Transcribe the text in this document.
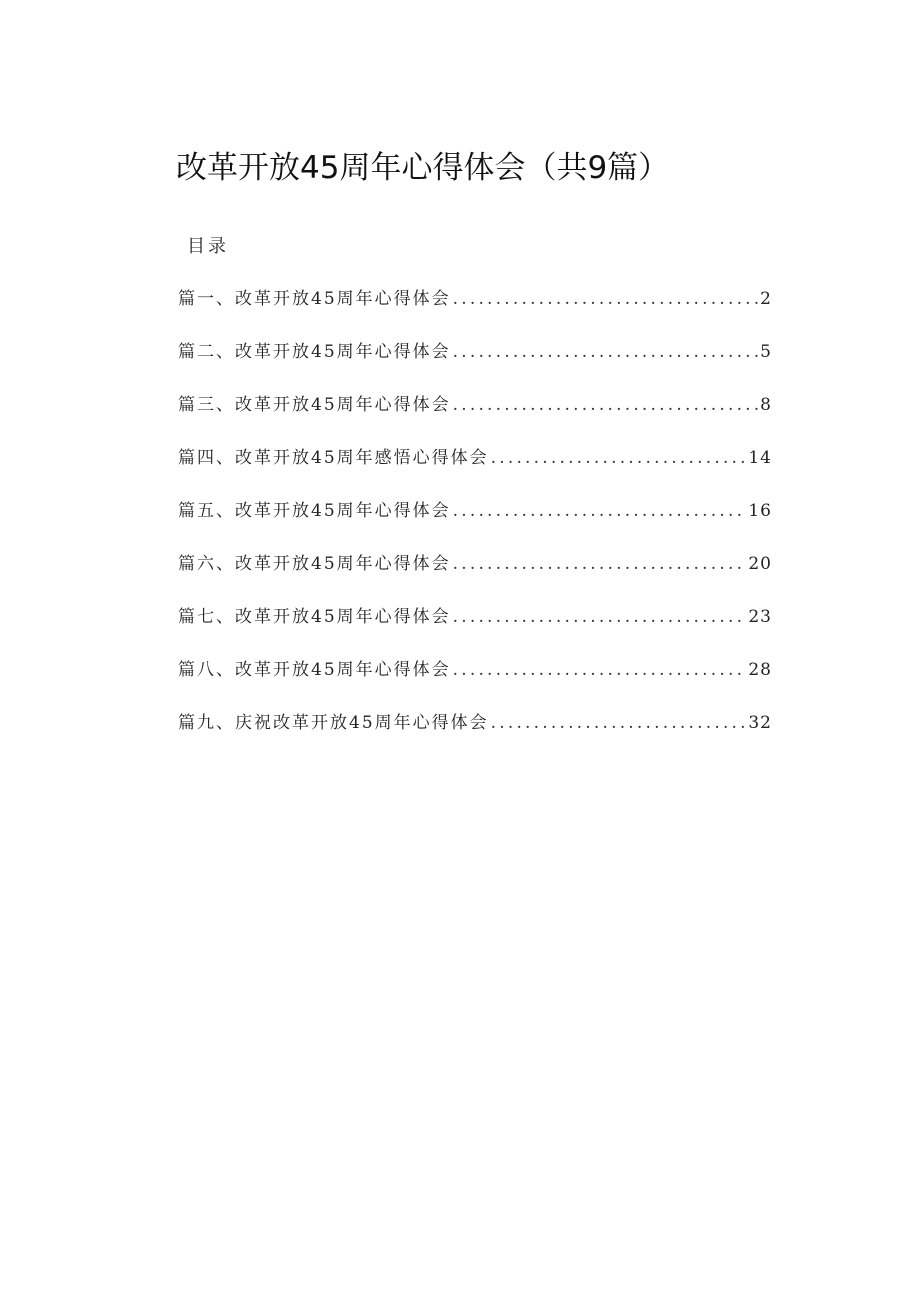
改革开放45周年心得体会（共9篇）
目录
篇一、改革开放45周年心得体会 .....	2
篇二、改革开放45周年心得体会 .....	5
篇三、改革开放45周年心得体会 .....	8
篇四、改革开放45周年感悟心得体会 .....	14
篇五、改革开放45周年心得体会 .....	16
篇六、改革开放45周年心得体会 .....	20
篇七、改革开放45周年心得体会 .....	23
篇八、改革开放45周年心得体会 .....	28
篇九、庆祝改革开放45周年心得体会 .....	32
